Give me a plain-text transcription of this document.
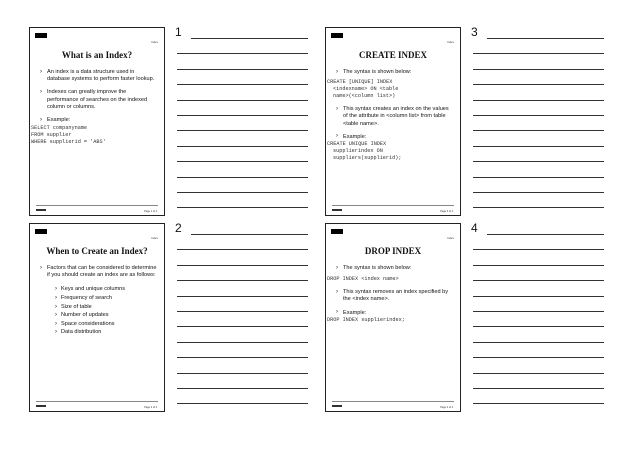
Index
What is an Index?
› An index is a data structure used in database systems to perform faster lookup.
› Indexes can greatly improve the performance of searches on the indexed column or columns.
› Example:
SELECT companyname
FROM supplier
WHERE supplierid = 'ABS'
Page 1 of 4
1
Index
CREATE INDEX
› The syntax is shown below:
CREATE [UNIQUE] INDEX
<indexname> ON <table
name>(<column list>)
› This syntax creates an index on the values of the attribute in <column list> from table <table name>.
› Example:
CREATE UNIQUE INDEX
supplierindex ON
suppliers(supplierid);
Page 3 of 4
3
Index
When to Create an Index?
› Factors that can be considered to determine if you should create an index are as follows:
› Keys and unique columns
› Frequency of search
› Size of table
› Number of updates
› Space considerations
› Data distribution
Page 2 of 4
2
Index
DROP INDEX
› The syntax is shown below:
DROP INDEX <index name>
› This syntax removes an index specified by the <index name>.
› Example:
DROP INDEX supplierindex;
Page 4 of 4
4
